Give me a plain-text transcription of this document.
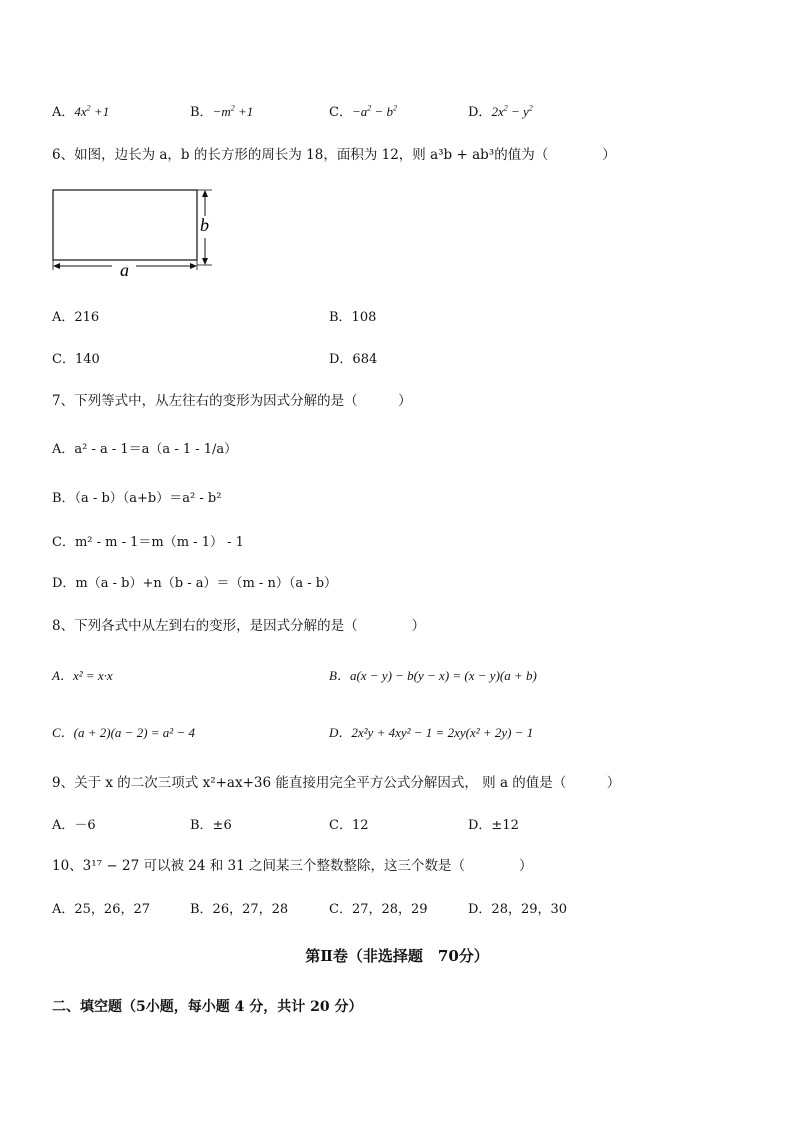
A．$4x^2 +1$	B．$-m^2 +1$	C．$-a^2 - b^2$	D．$2x^2 - y^2$
6、如图，边长为 a，b 的长方形的周长为 18，面积为 12，则 a³b + ab³的值为（　　　　）
b
a
A．216	B．108
C．140	D．684
7、下列等式中，从左往右的变形为因式分解的是（　　　）
A．a² - a - 1＝a（a - 1 - 1/a）
B．（a - b）（a+b）＝a² - b²
C．m² - m - 1＝m（m - 1） - 1
D．m（a - b）+n（b - a）＝（m - n）（a - b）
8、下列各式中从左到右的变形，是因式分解的是（　　　　）
A．x² = x·x	B．a(x − y) − b(y − x) = (x − y)(a + b)
C．(a + 2)(a − 2) = a² − 4	D．2x²y + 4xy² − 1 = 2xy(x² + 2y) − 1
9、关于 x 的二次三项式 x²+ax+36 能直接用完全平方公式分解因式， 则 a 的值是（　　　）
A．－6	B．±6	C．12	D．±12
10、3¹⁷ − 27 可以被 24 和 31 之间某三个整数整除，这三个数是（　　　　）
A．25，26，27	B．26，27，28	C．27，28，29	D．28，29，30
第Ⅱ卷（非选择题　70分）
二、填空题（5小题，每小题 4 分，共计 20 分）
